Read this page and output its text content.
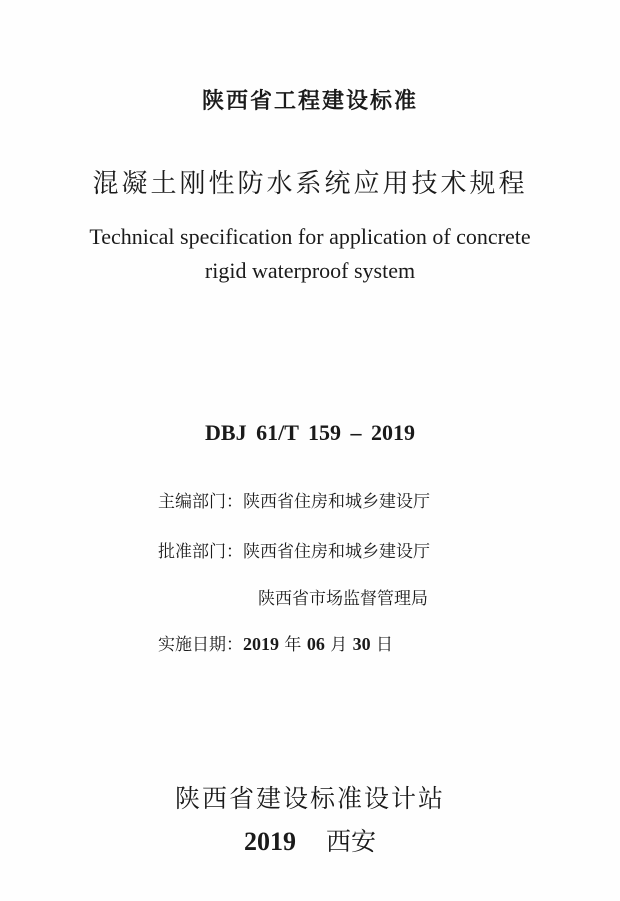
陕西省工程建设标准
混凝土刚性防水系统应用技术规程
Technical specification for application of concrete
rigid waterproof system
DBJ 61/T 159 – 2019
主编部门：陕西省住房和城乡建设厅
批准部门：陕西省住房和城乡建设厅
陕西省市场监督管理局
实施日期：2019 年 06 月 30 日
陕西省建设标准设计站
2019 西安
